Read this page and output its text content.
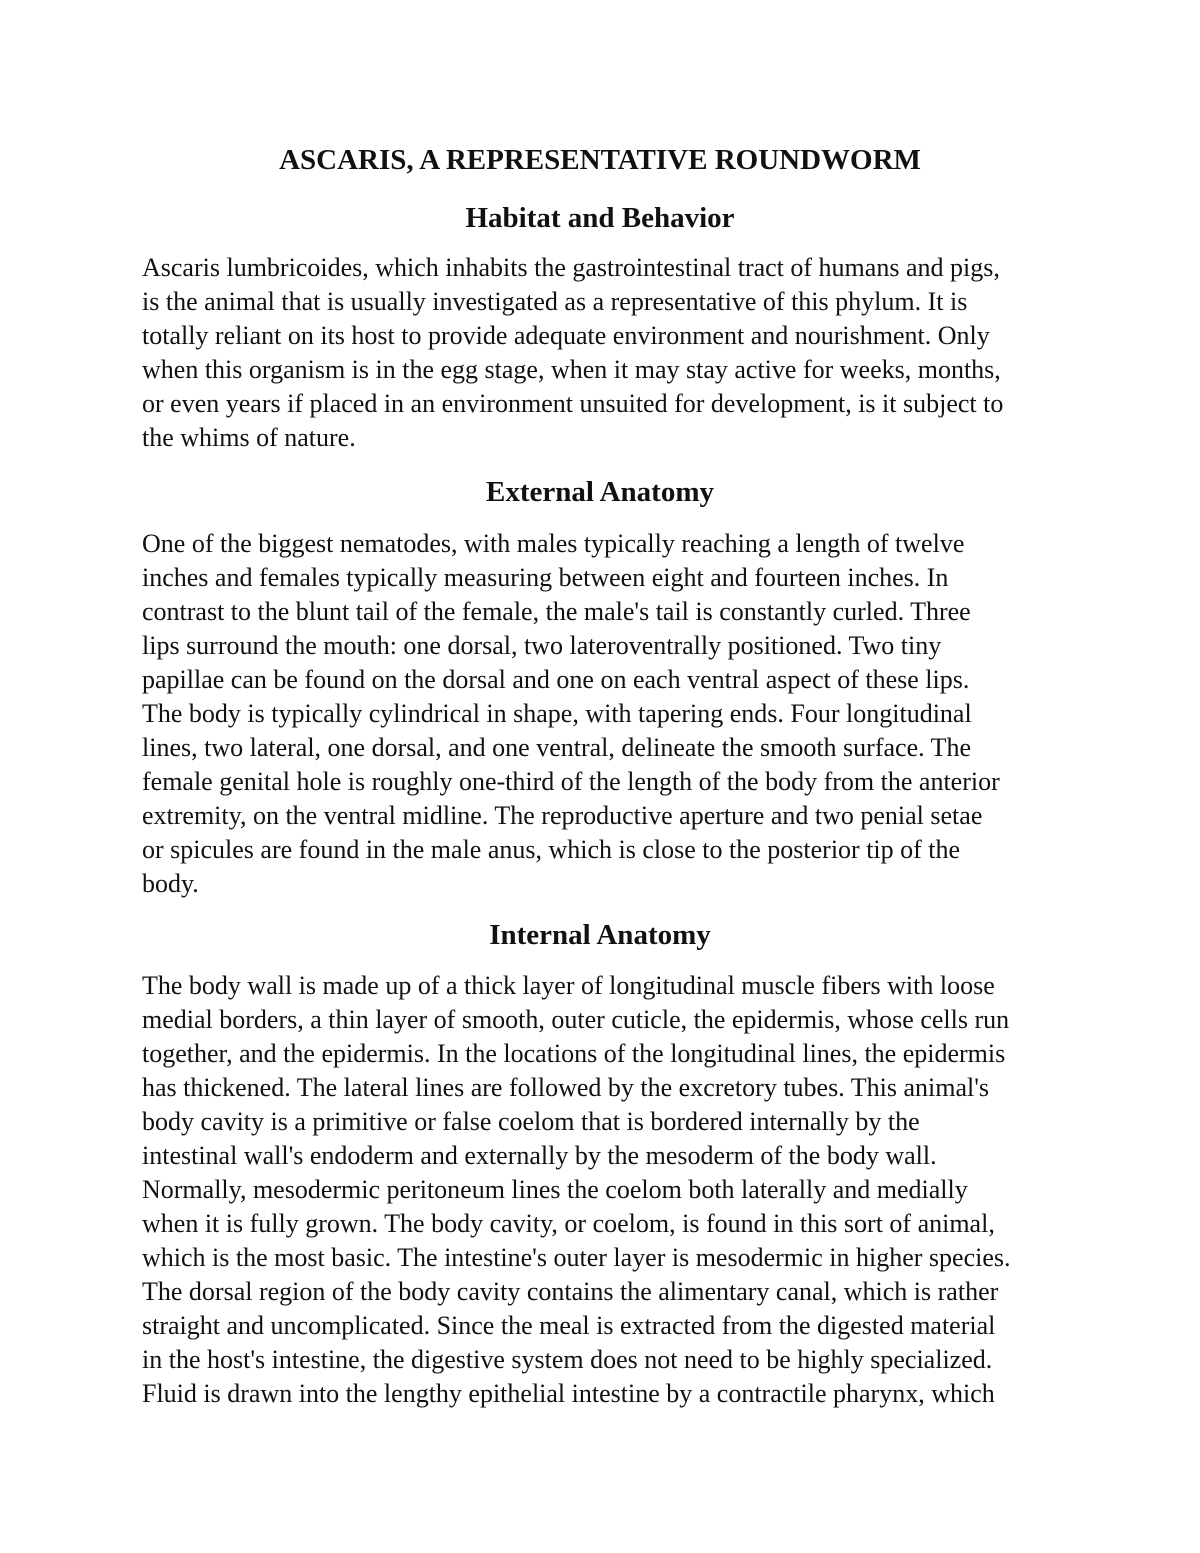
ASCARIS, A REPRESENTATIVE ROUNDWORM
Habitat and Behavior
Ascaris lumbricoides, which inhabits the gastrointestinal tract of humans and pigs,
is the animal that is usually investigated as a representative of this phylum. It is
totally reliant on its host to provide adequate environment and nourishment. Only
when this organism is in the egg stage, when it may stay active for weeks, months,
or even years if placed in an environment unsuited for development, is it subject to
the whims of nature.
External Anatomy
One of the biggest nematodes, with males typically reaching a length of twelve
inches and females typically measuring between eight and fourteen inches. In
contrast to the blunt tail of the female, the male's tail is constantly curled. Three
lips surround the mouth: one dorsal, two lateroventrally positioned. Two tiny
papillae can be found on the dorsal and one on each ventral aspect of these lips.
The body is typically cylindrical in shape, with tapering ends. Four longitudinal
lines, two lateral, one dorsal, and one ventral, delineate the smooth surface. The
female genital hole is roughly one-third of the length of the body from the anterior
extremity, on the ventral midline. The reproductive aperture and two penial setae
or spicules are found in the male anus, which is close to the posterior tip of the
body.
Internal Anatomy
The body wall is made up of a thick layer of longitudinal muscle fibers with loose
medial borders, a thin layer of smooth, outer cuticle, the epidermis, whose cells run
together, and the epidermis. In the locations of the longitudinal lines, the epidermis
has thickened. The lateral lines are followed by the excretory tubes. This animal's
body cavity is a primitive or false coelom that is bordered internally by the
intestinal wall's endoderm and externally by the mesoderm of the body wall.
Normally, mesodermic peritoneum lines the coelom both laterally and medially
when it is fully grown. The body cavity, or coelom, is found in this sort of animal,
which is the most basic. The intestine's outer layer is mesodermic in higher species.
The dorsal region of the body cavity contains the alimentary canal, which is rather
straight and uncomplicated. Since the meal is extracted from the digested material
in the host's intestine, the digestive system does not need to be highly specialized.
Fluid is drawn into the lengthy epithelial intestine by a contractile pharynx, which
